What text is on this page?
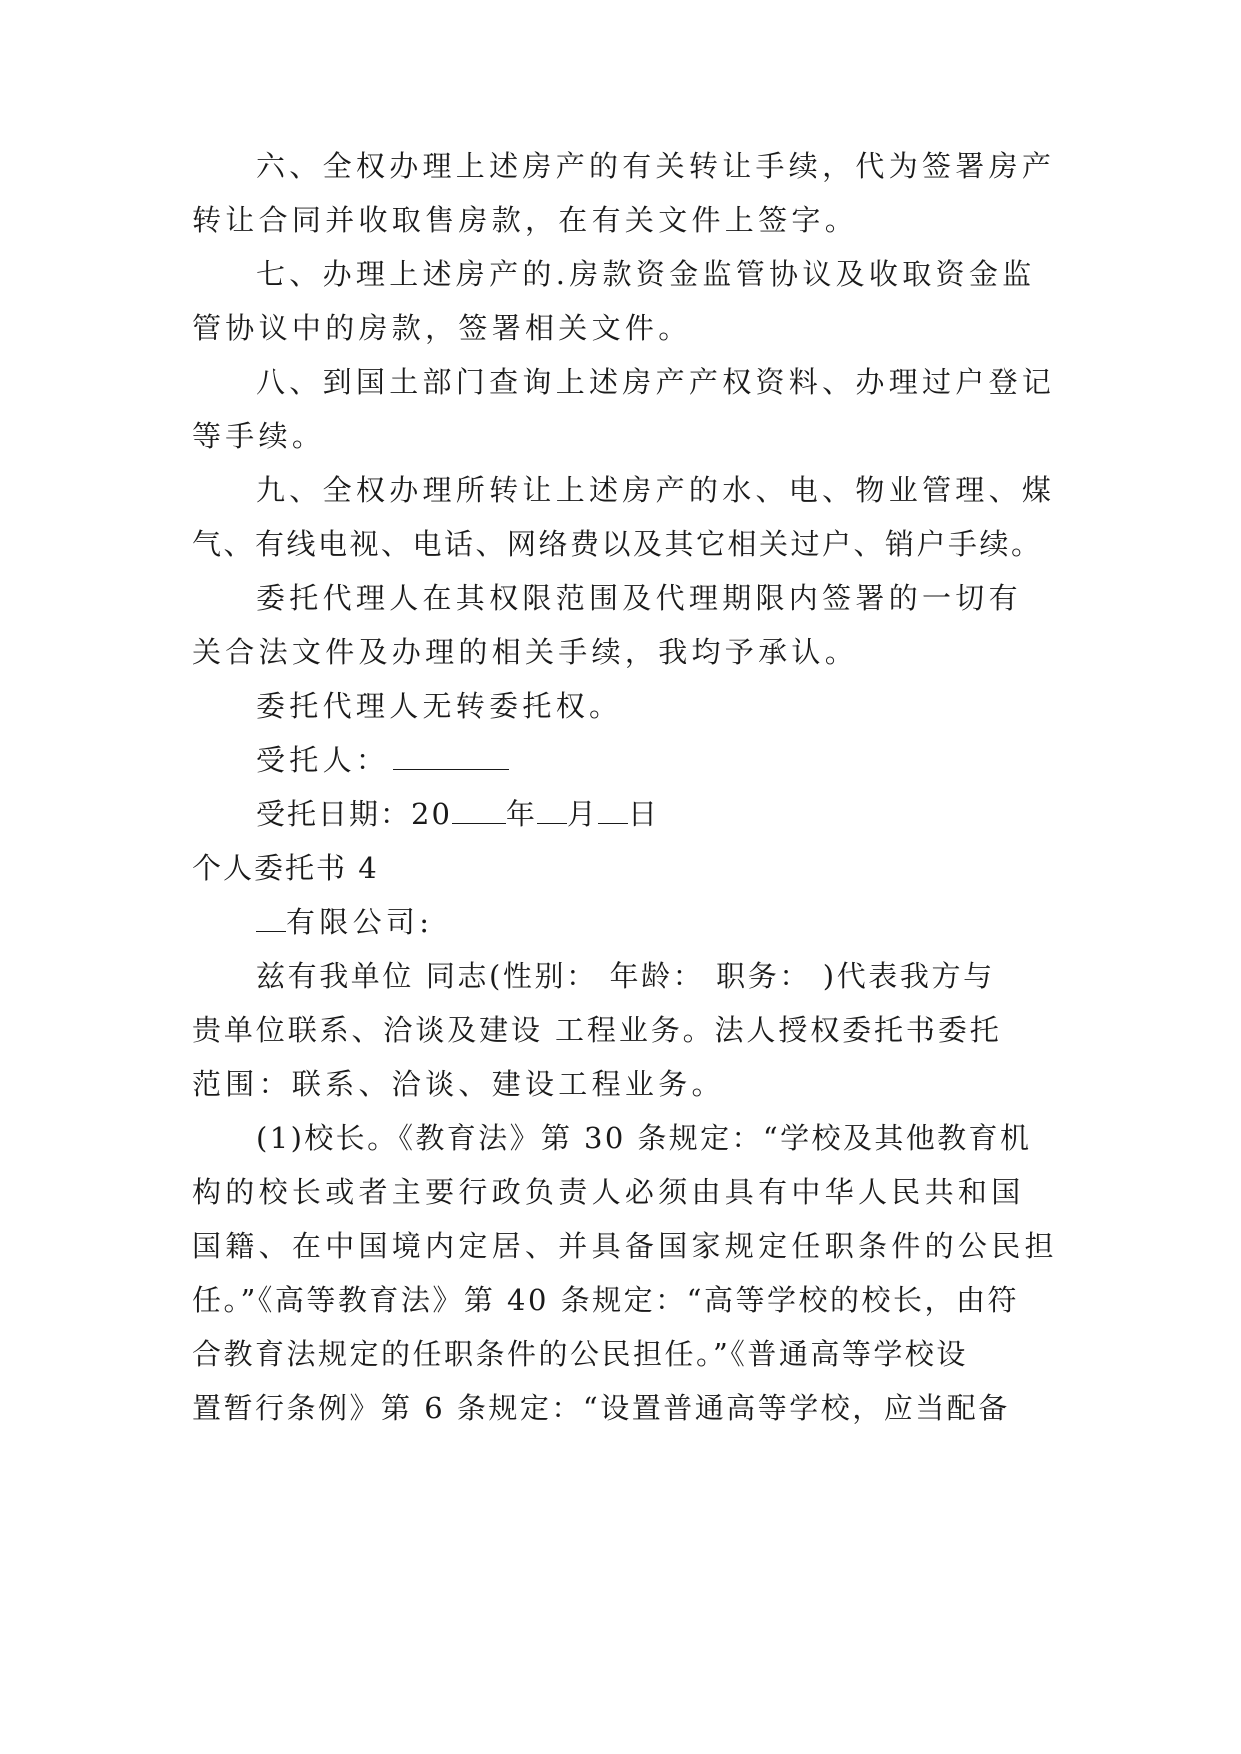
六、全权办理上述房产的有关转让手续，代为签署房产
转让合同并收取售房款，在有关文件上签字。
七、办理上述房产的.房款资金监管协议及收取资金监
管协议中的房款，签署相关文件。
八、到国土部门查询上述房产产权资料、办理过户登记
等手续。
九、全权办理所转让上述房产的水、电、物业管理、煤
气、有线电视、电话、网络费以及其它相关过户、销户手续。
委托代理人在其权限范围及代理期限内签署的一切有
关合法文件及办理的相关手续，我均予承认。
委托代理人无转委托权。
受托人：
受托日期：20 年 月 日
个人委托书 4
有限公司:
兹有我单位 同志(性别： 年龄： 职务： )代表我方与
贵单位联系、洽谈及建设 工程业务。法人授权委托书委托
范围：联系、洽谈、建设工程业务。
(1)校长。《教育法》第 30 条规定：“学校及其他教育机
构的校长或者主要行政负责人必须由具有中华人民共和国
国籍、在中国境内定居、并具备国家规定任职条件的公民担
任。”《高等教育法》第 40 条规定：“高等学校的校长，由符
合教育法规定的任职条件的公民担任。”《普通高等学校设
置暂行条例》第 6 条规定：“设置普通高等学校，应当配备
